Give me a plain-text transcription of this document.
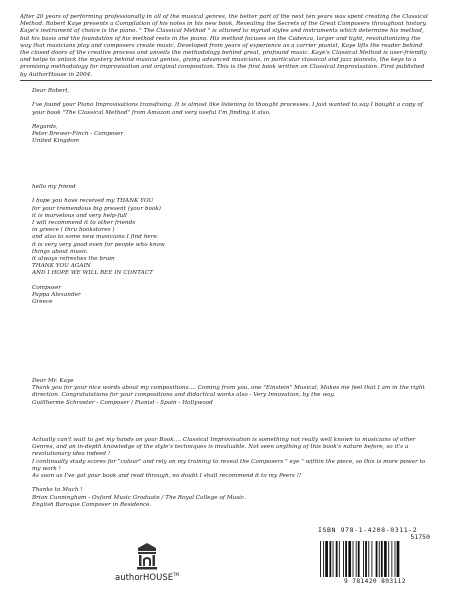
After 20 years of performing professionally in all of the musical genres, the better part of the next ten years was spent creating the Classical Method. Robert Kaye presents a Compilation of his notes in his new book, Revealing the Secrets of the Great Composers throughout history. Kaye's instrument of choice is the piano. " The Classical Method " is attuned to myriad styles and instruments which determine his method, but his basis and the foundation of his method rests in the piano. His method focuses on the Cadenza, larger and tight, revolutionizing the way that musicians play and composers create music. Developed from years of experience as a carrier pianist, Kaye lifts the reader behind the closed doors of the creative process and unveils the methodology behind great, profound music. Kaye's Classical Method is user-friendly and helps to unlock the mystery behind musical genius, giving advanced musicians, in particular classical and jazz pianists, the keys to a promising methodology for improvisation and original composition. This is the first book written on Classical Improvisation. First published by AuthorHouse in 2004.
Dear Robert,

I've found your Piano Improvisations transfixing. It is almost like listening to thought processes. I just wanted to say I bought a copy of your book "The Classical Method" from Amazon and very useful I'm finding it also.

Regards,
Peter Brewer-Finch - Composer
United Kingdom
hello my friend

I hope you have received my THANK YOU
for your tremendous big present (your book)
it is marvelous and very help-full
I will recommend it to other friends
in greece ( thru bookstores )
and also to some new musicians I find here.
it is very very good even for people who know
things about music.
it always refreshes the brain
THANK YOU AGAIN
AND I HOPE WE WILL BEE IN CONTACT

Composer
Pappa Alexander
Greece
Dear Mr. Kaye
Thank you for your nice words about my compositions.... Coming from you, one "Einstein" Musical, Makes me feel that I am in the right direction. Congratulations for your compositions and didactical works also - Very Innovation, by the way.
Guillherme Schroeter - Composer / Pianist - Spain - Hollywood
Actually can't wait to get my hands on your Book.... Classical Improvisation is something not really well known to musicians of other Genres, and an in-depth knowledge of the style's techniques is invaluable. Not seen anything of this book's nature before, so it's a revolutionary idea indeed !
I continually study scores for "colour" and rely on my training to reveal the Composers " eye " within the piece, so this is more power to my work !
As soon as I've got your book and read through, no doubt I shall recommend it to my Peers !!

Thanks to Much !
Brian Cunningham - Oxford Music Graduate / The Royal College of Music.
English Baroque Composer in Residence.
authorHOUSE™
ISBN 978-1-4208-0311-2
51750
9 781420 803112
